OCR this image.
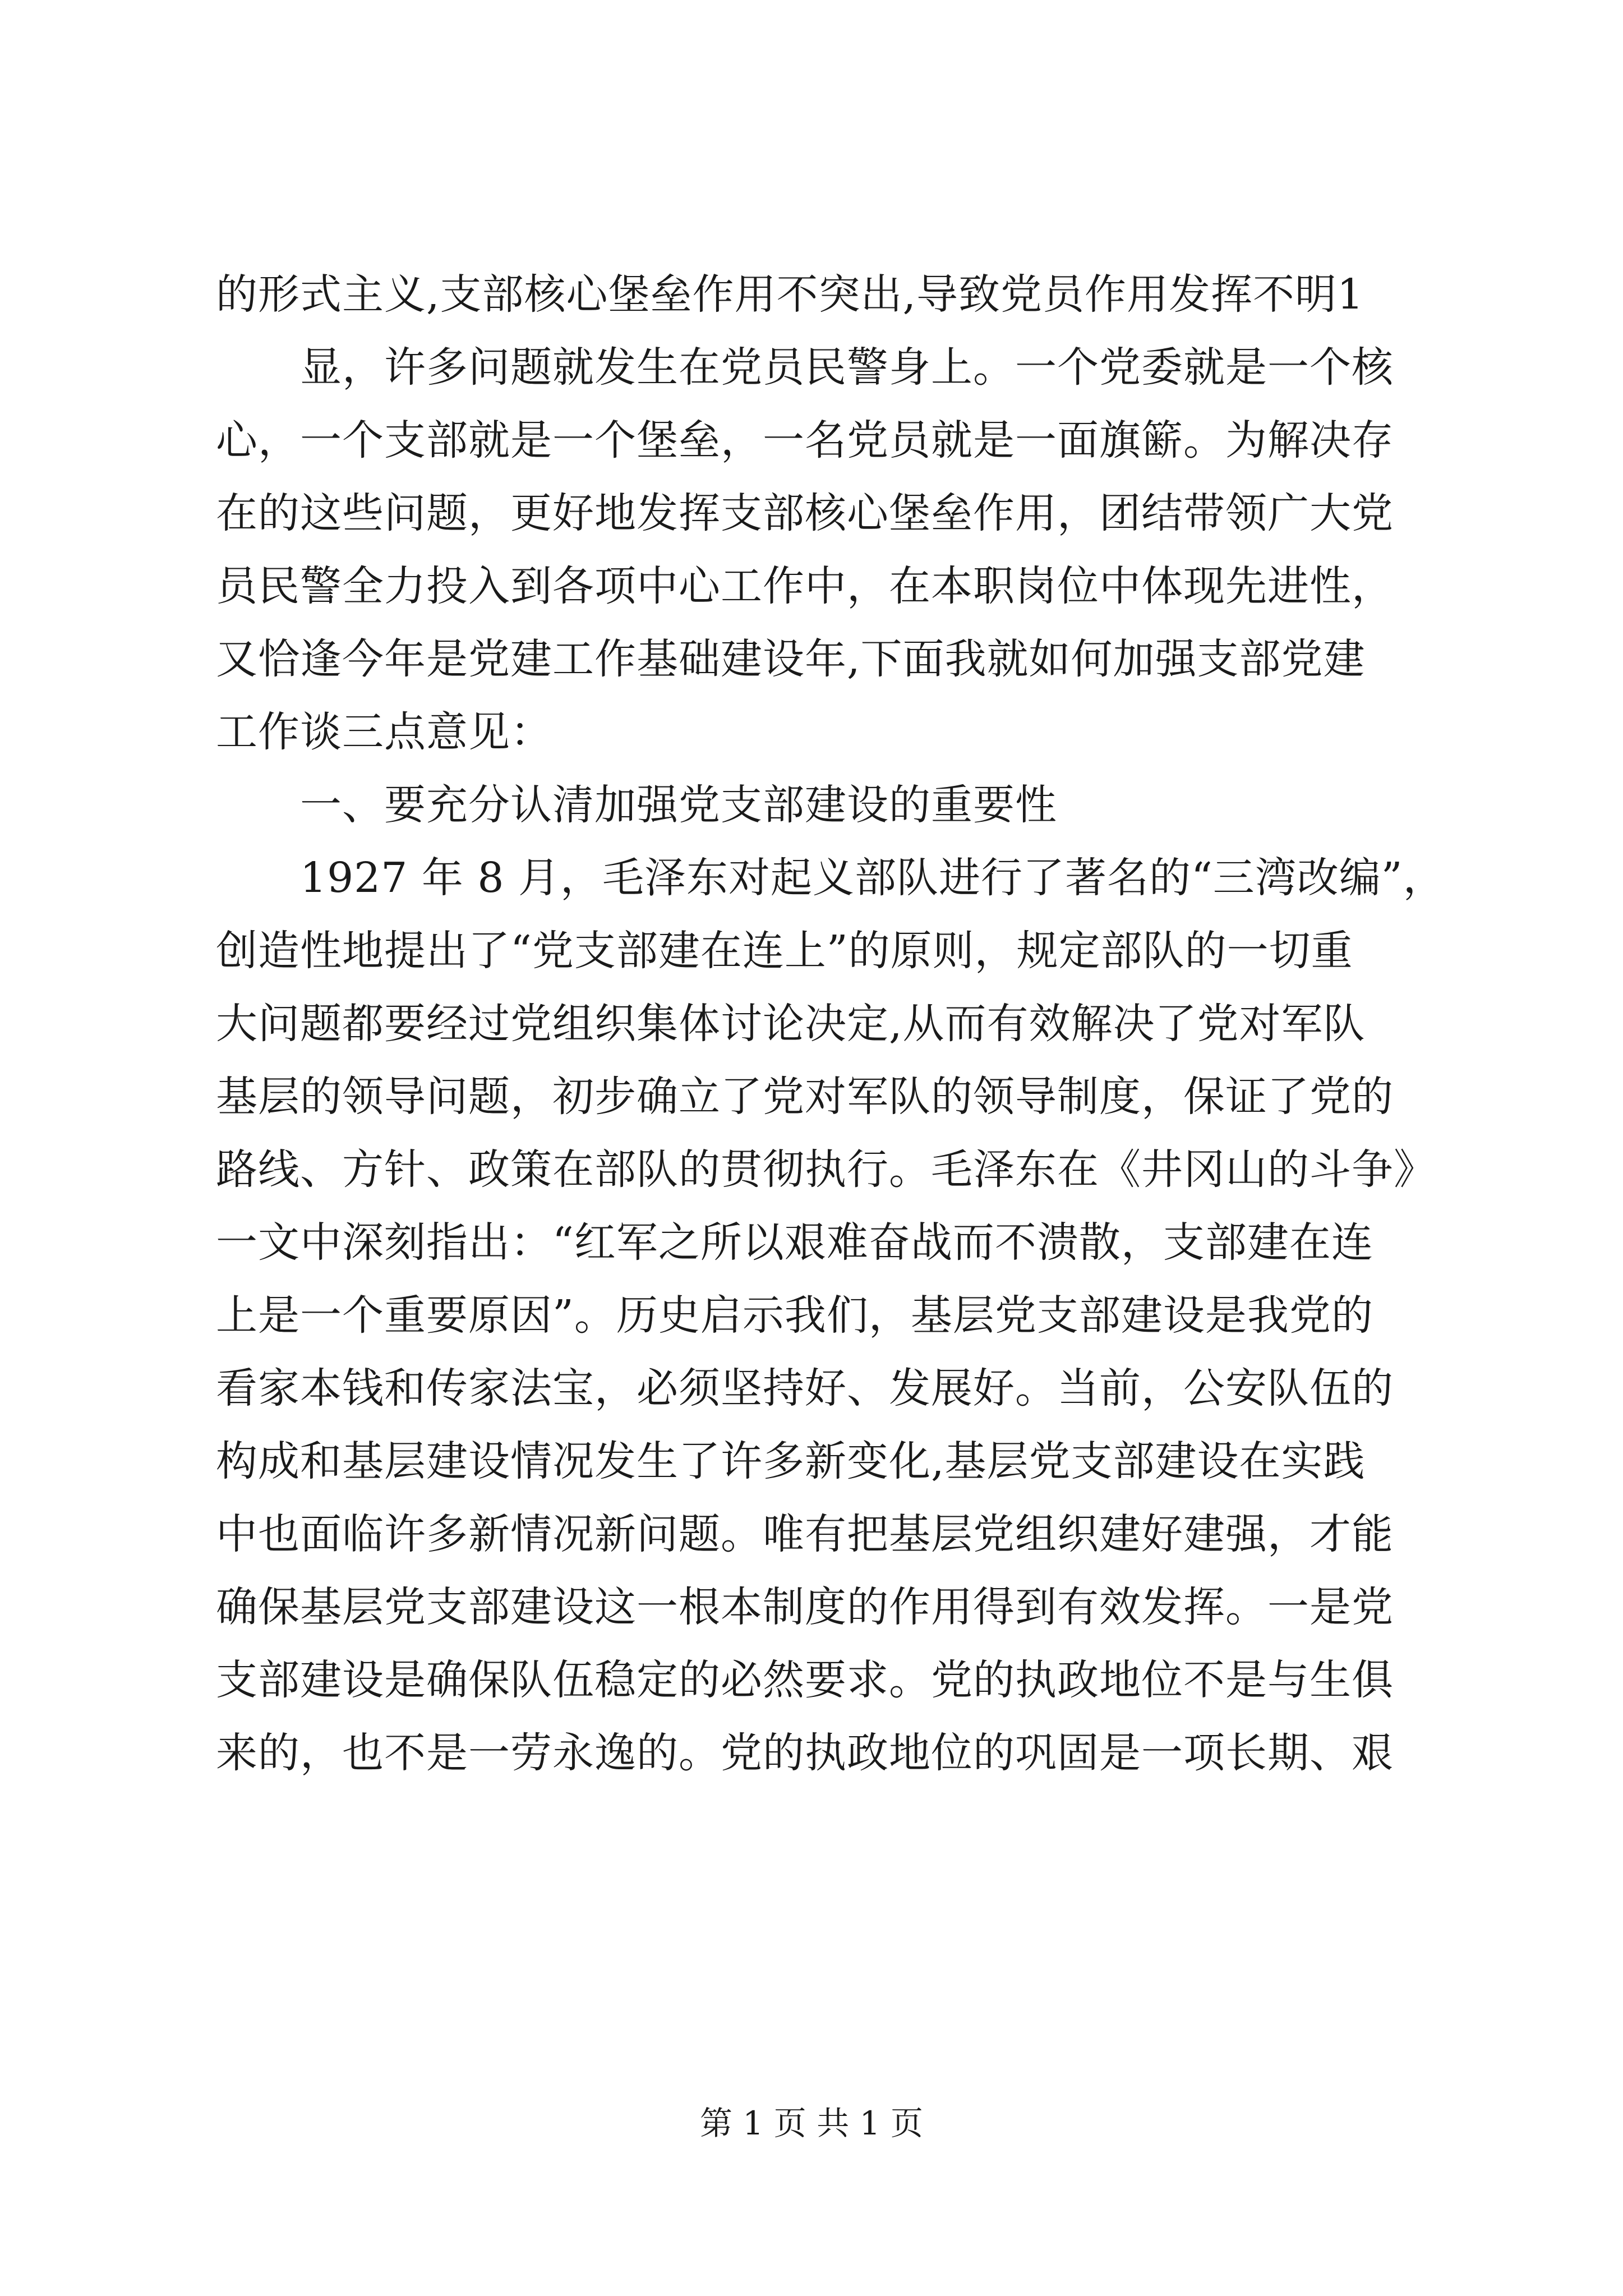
的形式主义,支部核心堡垒作用不突出,导致党员作用发挥不明1
显，许多问题就发生在党员民警身上。一个党委就是一个核
心，一个支部就是一个堡垒，一名党员就是一面旗簖。为解决存
在的这些问题，更好地发挥支部核心堡垒作用，团结带领广大党
员民警全力投入到各项中心工作中，在本职岗位中体现先进性，
又恰逢今年是党建工作基础建设年,下面我就如何加强支部党建
工作谈三点意见：
一、要充分认清加强党支部建设的重要性
1927 年 8 月，毛泽东对起义部队进行了著名的“三湾改编”，
创造性地提出了“党支部建在连上”的原则，规定部队的一切重
大问题都要经过党组织集体讨论决定,从而有效解决了党对军队
基层的领导问题，初步确立了党对军队的领导制度，保证了党的
路线、方针、政策在部队的贯彻执行。毛泽东在《井冈山的斗争》
一文中深刻指出：“红军之所以艰难奋战而不溃散，支部建在连
上是一个重要原因”。历史启示我们，基层党支部建设是我党的
看家本钱和传家法宝，必须坚持好、发展好。当前，公安队伍的
构成和基层建设情况发生了许多新变化,基层党支部建设在实践
中也面临许多新情况新问题。唯有把基层党组织建好建强，才能
确保基层党支部建设这一根本制度的作用得到有效发挥。一是党
支部建设是确保队伍稳定的必然要求。党的执政地位不是与生俱
来的，也不是一劳永逸的。党的执政地位的巩固是一项长期、艰
第 1 页 共 1 页
